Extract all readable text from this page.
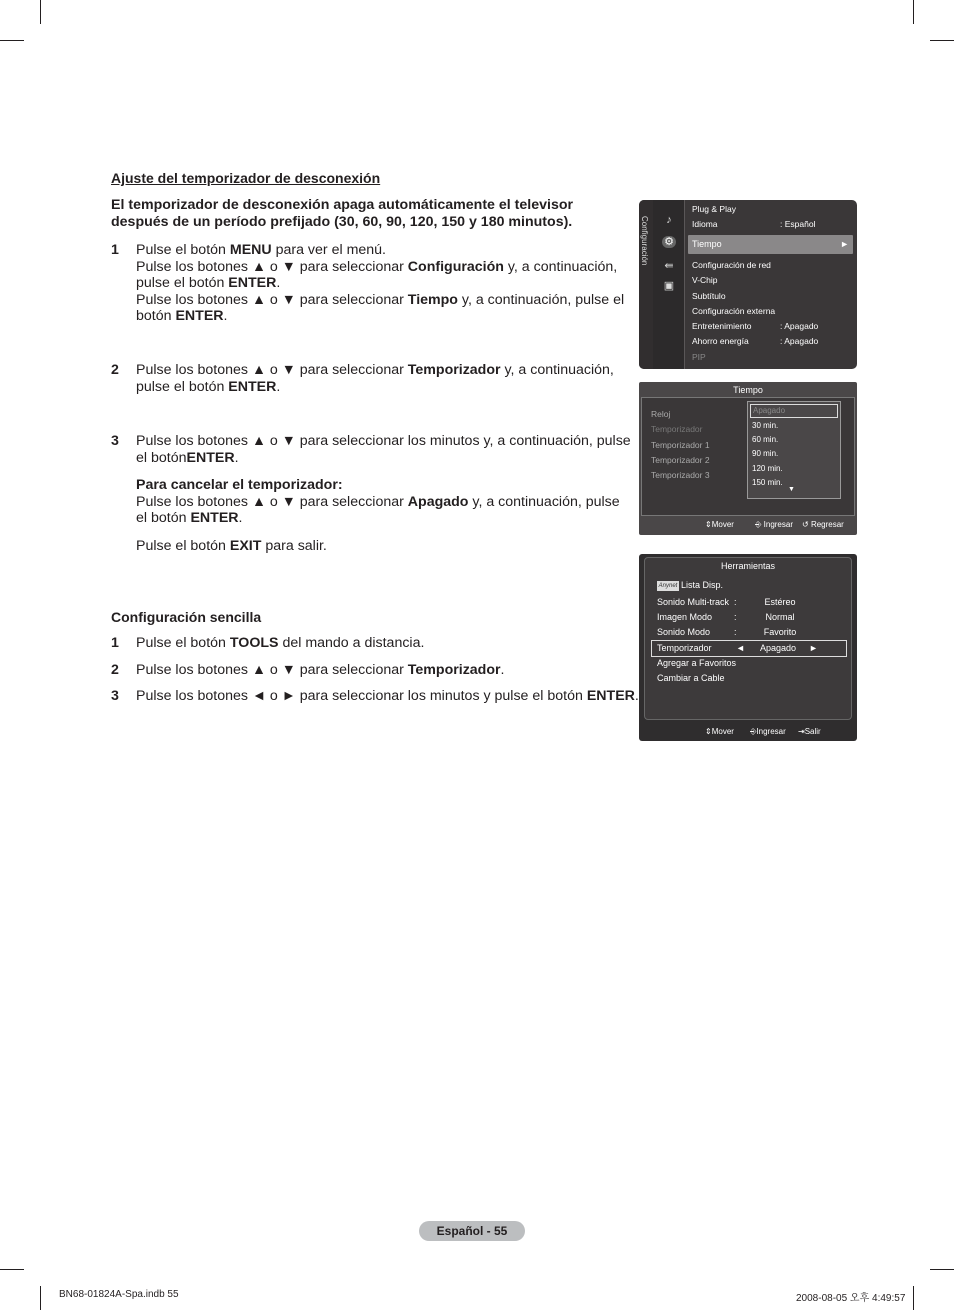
Ajuste del temporizador de desconexión
El temporizador de desconexión apaga automáticamente el televisor después de un período prefijado (30, 60, 90, 120, 150 y 180 minutos).
1 Pulse el botón MENU para ver el menú.

Pulse los botones ▲ o ▼ para seleccionar Configuración y, a continuación, pulse el botón ENTER.

Pulse los botones ▲ o ▼ para seleccionar Tiempo y, a continuación, pulse el botón ENTER.

2 Pulse los botones ▲ o ▼ para seleccionar Temporizador y, a continuación, pulse el botón ENTER.

3 Pulse los botones ▲ o ▼ para seleccionar los minutos y, a continuación, pulse el botónENTER.

Para cancelar el temporizador:

Pulse los botones ▲ o ▼ para seleccionar Apagado y, a continuación, pulse el botón ENTER.

Pulse el botón EXIT para salir.

Configuración sencilla
1 Pulse el botón TOOLS del mando a distancia.

2 Pulse los botones ▲ o ▼ para seleccionar Temporizador.

3 Pulse los botones ◄ o ► para seleccionar los minutos y pulse el botón ENTER.

Configuración	♪
⚙
⇚
▣
Plug & Play
Idioma	: Español
Tiempo	►
Configuración de red
V-Chip
Subtítulo
Configuración externa
Entretenimiento	: Apagado
Ahorro energía	: Apagado
PIP
Tiempo
Reloj
Temporizador
Temporizador 1
Temporizador 2
Temporizador 3
Apagado
30 min.
60 min.
90 min.
120 min.
150 min.
▼
⇕Mover	⎆ Ingresar ↺ Regresar
Herramientas
Anynet Lista Disp.
Sonido Multi-track :	Estéreo
Imagen Modo :	Normal
Sonido Modo	:	Favorito
Temporizador	◄	Apagado	►
Agregar a Favoritos
Cambiar a Cable
⇕Mover ⎆Ingresar ⇥Salir
Español - 55
BN68-01824A-Spa.indb 55	2008-08-05 오후 4:49:57
